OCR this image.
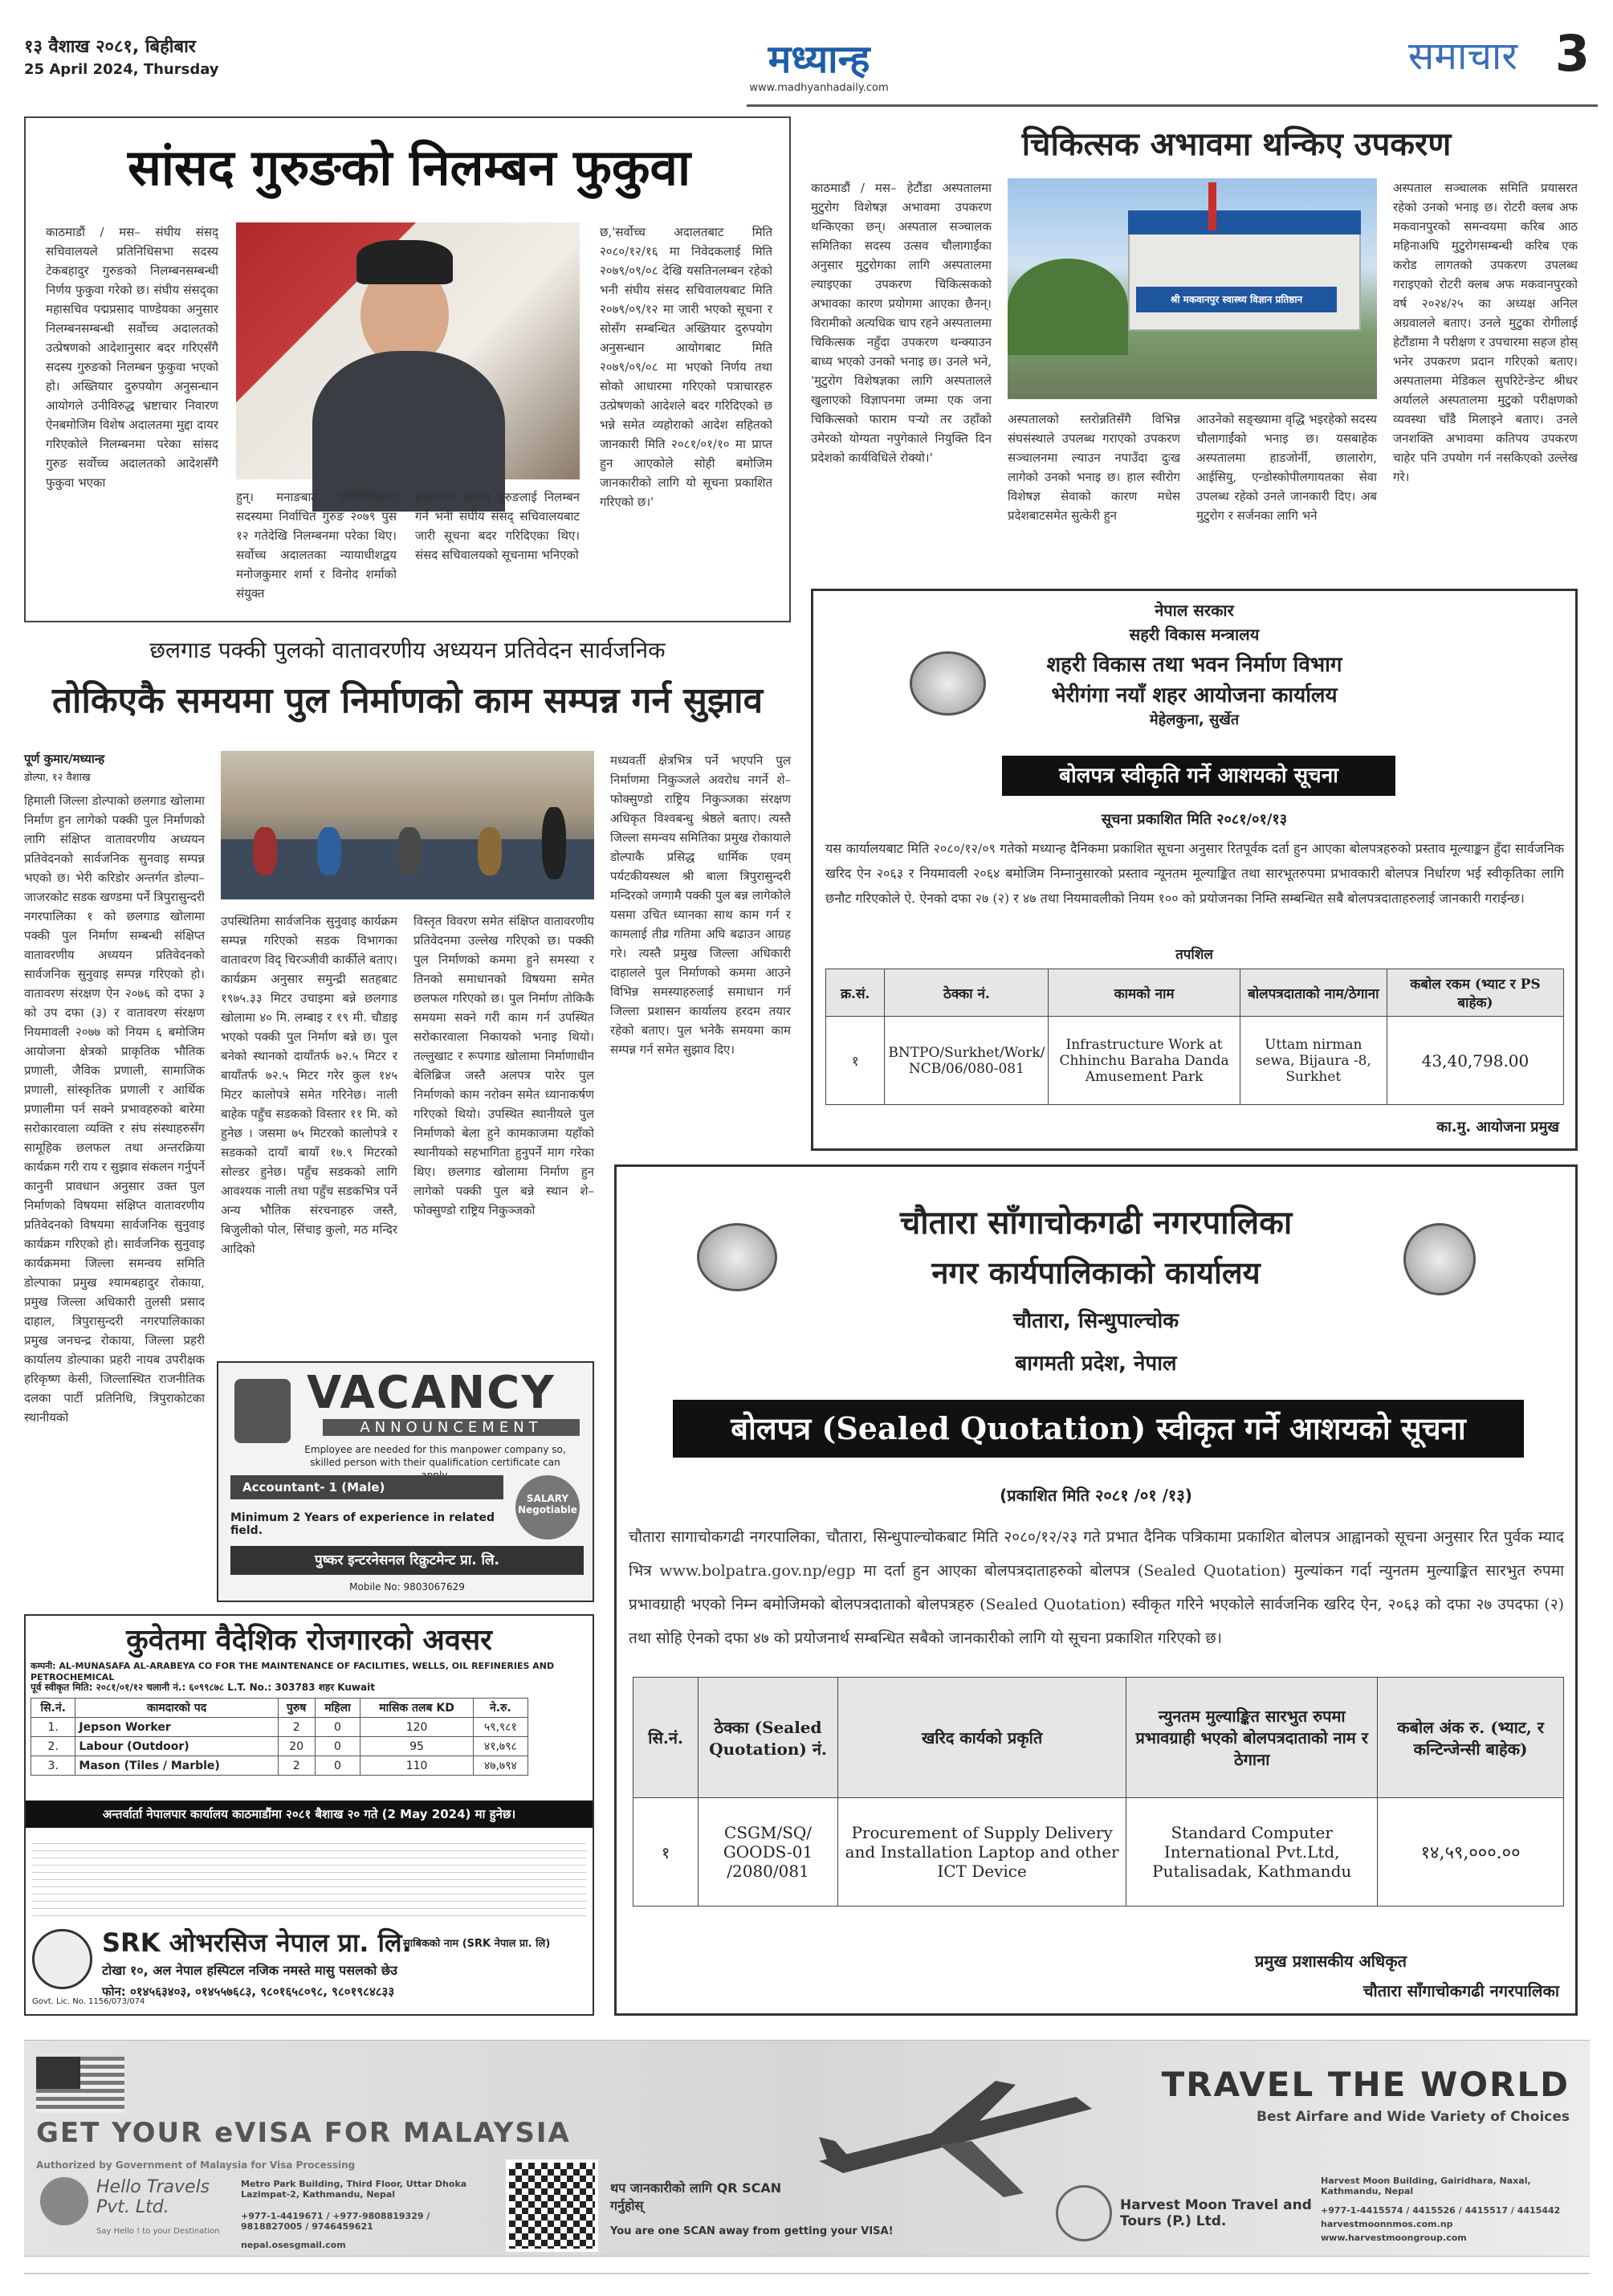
१३ वैशाख २०८१, बिहीबार
25 April 2024, Thursday	मध्यान्ह
www.madhyanhadaily.com
समाचार 3
सांसद गुरुङको निलम्बन फुकुवा
काठमाडौं / मस– संघीय संसद् सचिवालयले प्रतिनिधिसभा सदस्य टेकबहादुर गुरुङको निलम्बनसम्बन्धी निर्णय फुकुवा गरेको छ। संघीय संसद्का महासचिव पद्मप्रसाद पाण्डेयका अनुसार निलम्बनसम्बन्धी सर्वोच्च अदालतको उत्प्रेषणको आदेशानुसार बदर गरिएसँगै सदस्य गुरुङको निलम्बन फुकुवा भएको हो। अख्तियार दुरुपयोग अनुसन्धान आयोगले उनीविरुद्ध भ्रष्टाचार निवारण ऐनबमोजिम विशेष अदालतमा मुद्दा दायर गरिएकोले निलम्बनमा परेका सांसद गुरुङ सर्वोच्च अदालतको आदेशसँगै फुकुवा भएका
हुन्। मनाङबाट प्रतिनिधिसभा सदस्यमा निर्वाचित गुरुङ २०७९ पुस १२ गतेदेखि निलम्बनमा परेका थिए। सर्वोच्च अदालतका न्यायाधीशद्वय मनोजकुमार शर्मा र विनोद शर्माको संयुक्त
इजलासले सांसद गुरुङलाई निलम्बन गर्ने भनी संघीय संसद् सचिवालयबाट जारी सूचना बदर गरिदिएका थिए। संसद सचिवालयको सूचनामा भनिएको
छ,'सर्वोच्च अदालतबाट मिति २०८०/१२/१६ मा निवेदकलाई मिति २०७९/०९/०८ देखि यसतिनलम्बन रहेको भनी संघीय संसद सचिवालयबाट मिति २०७९/०९/१२ मा जारी भएको सूचना र सोसँग सम्बन्धित अख्तियार दुरुपयोग अनुसन्धान आयोगबाट मिति २०७९/०९/०८ मा भएको निर्णय तथा सोको आधारमा गरिएको पत्राचारहरु उत्प्रेषणको आदेशले बदर गरिदिएको छ भन्ने समेत व्यहोराको आदेश सहितको जानकारी मिति २०८१/०१/१० मा प्राप्त हुन आएकोले सोही बमोजिम जानकारीको लागि यो सूचना प्रकाशित गरिएको छ।'
चिकित्सक अभावमा थन्किए उपकरण
काठमाडौं / मस– हेटौंडा अस्पतालमा मुटुरोग विशेषज्ञ अभावमा उपकरण थन्किएका छन्। अस्पताल सञ्चालक समितिका सदस्य उत्सव चौलागाईंका अनुसार मुटुरोगका लागि अस्पतालमा ल्याइएका उपकरण चिकित्सकको अभावका कारण प्रयोगमा आएका छैनन्। विरामीको अत्यधिक चाप रहने अस्पतालमा चिकित्सक नहुँदा उपकरण थन्क्याउन बाध्य भएको उनको भनाइ छ। उनले भने, 'मुटुरोग विशेषज्ञका लागि अस्पतालले खुलाएको विज्ञापनमा जम्मा एक जना चिकित्सको फाराम पऱ्यो तर उहाँको उमेरको योग्यता नपुगेकाले नियुक्ति दिन प्रदेशको कार्यविधिले रोक्यो।'
श्री मकवानपुर स्वास्थ्य विज्ञान प्रतिष्ठान
अस्पतालको स्तरोन्नतिसँगै विभिन्न संघसंस्थाले उपलब्ध गराएको उपकरण सञ्चालनमा ल्याउन नपाउँदा दुःख लागेको उनको भनाइ छ। हाल स्वीरोग विशेषज्ञ सेवाको कारण मधेस प्रदेशबाटसमेत सुत्केरी हुन
आउनेको सङ्ख्यामा वृद्धि भइरहेको सदस्य चौलागाईंको भनाइ छ। यसबाहेक अस्पतालमा हाडजोर्नी, छालारोग, आईसियु, एन्डोस्कोपीलगायतका सेवा उपलब्ध रहेको उनले जानकारी दिए। अब मुटुरोग र सर्जनका लागि भने
अस्पताल सञ्चालक समिति प्रयासरत रहेको उनको भनाइ छ। रोटरी क्लब अफ मकवानपुरको समन्वयमा करिब आठ महिनाअघि मुटुरोगसम्बन्धी करिब एक करोड लागतको उपकरण उपलब्ध गराइएको रोटरी क्लब अफ मकवानपुरको वर्ष २०२४/२५ का अध्यक्ष अनिल अग्रवालले बताए। उनले मुटुका रोगीलाई हेटौंडामा नै परीक्षण र उपचारमा सहज होस् भनेर उपकरण प्रदान गरिएको बताए। अस्पतालमा मेडिकल सुपरिटेन्डेन्ट श्रीधर अर्यालले अस्पतालमा मुटुको परीक्षणको व्यवस्था चाँडै मिलाइने बताए। उनले जनशक्ति अभावमा कतिपय उपकरण चाहेर पनि उपयोग गर्न नसकिएको उल्लेख गरे।
छलगाड पक्की पुलको वातावरणीय अध्ययन प्रतिवेदन सार्वजनिक
तोकिएकै समयमा पुल निर्माणको काम सम्पन्न गर्न सुझाव
पूर्ण कुमार/मध्यान्ह
डोल्पा, १२ वैशाख
हिमाली जिल्ला डोल्पाको छलगाड खोलामा निर्माण हुन लागेको पक्की पुल निर्माणको लागि संक्षिप्त वातावरणीय अध्ययन प्रतिवेदनको सार्वजनिक सुनवाइ सम्पन्न भएको छ। भेरी करिडोर अन्तर्गत डोल्पा–जाजरकोट सडक खण्डमा पर्ने त्रिपुरासुन्दरी नगरपालिका १ को छलगाड खोलामा पक्की पुल निर्माण सम्बन्धी संक्षिप्त वातावरणीय अध्ययन प्रतिवेदनको सार्वजनिक सुनुवाइ सम्पन्न गरिएको हो। वातावरण संरक्षण ऐन २०७६ को दफा ३ को उप दफा (३) र वातावरण संरक्षण नियमावली २०७७ को नियम ६ बमोजिम आयोजना क्षेत्रको प्राकृतिक भौतिक प्रणाली, जैविक प्रणाली, सामाजिक प्रणाली, सांस्कृतिक प्रणाली र आर्थिक प्रणालीमा पर्न सक्ने प्रभावहरुको बारेमा सरोकारवाला व्यक्ति र संघ संस्थाहरुसँग सामूहिक छलफल तथा अन्तरक्रिया कार्यक्रम गरी राय र सुझाव संकलन गर्नुपर्ने कानुनी प्रावधान अनुसार उक्त पुल निर्माणको विषयमा संक्षिप्त वातावरणीय प्रतिवेदनको विषयमा सार्वजनिक सुनुवाइ कार्यक्रम गरिएको हो। सार्वजनिक सुनुवाइ कार्यक्रममा जिल्ला समन्वय समिति डोल्पाका प्रमुख श्यामबहादुर रोकाया, प्रमुख जिल्ला अधिकारी तुलसी प्रसाद दाहाल, त्रिपुरासुन्दरी नगरपालिकाका प्रमुख जनचन्द्र रोकाया, जिल्ला प्रहरी कार्यालय डोल्पाका प्रहरी नायब उपरीक्षक हरिकृष्ण केसी, जिल्लास्थित राजनीतिक दलका पार्टी प्रतिनिधि, त्रिपुराकोटका स्थानीयको
उपस्थितिमा सार्वजनिक सुनुवाइ कार्यक्रम सम्पन्न गरिएको सडक विभागका वातावरण विद् चिरञ्जीवी कार्कीले बताए। कार्यक्रम अनुसार समुन्द्री सतहबाट १९७५.३३ मिटर उचाइमा बन्ने छलगाड खोलामा ४० मि. लम्बाइ र १९ मी. चौडाइ भएको पक्की पुल निर्माण बन्ने छ। पुल बनेको स्थानको दायाँतर्फ ७२.५ मिटर र बायाँतर्फ ७२.५ मिटर गरेर कुल १४५ मिटर कालोपत्रे समेत गरिनेछ। नाली बाहेक पहुँच सडकको विस्तार ११ मि. को हुनेछ । जसमा ७५ मिटरको कालोपत्रे र सडकको दायाँ बायाँ १७.९ मिटरको सोल्डर हुनेछ। पहुँच सडकको लागि आवश्यक नाली तथा पहुँच सडकभित्र पर्ने अन्य भौतिक संरचनाहरु जस्तै, बिजुलीको पोल, सिंचाइ कुलो, मठ मन्दिर आदिको
विस्तृत विवरण समेत संक्षिप्त वातावरणीय प्रतिवेदनमा उल्लेख गरिएको छ। पक्की पुल निर्माणको कममा हुने समस्या र तिनको समाधानको विषयमा समेत छलफल गरिएको छ। पुल निर्माण तोकिकै समयमा सक्ने गरी काम गर्न उपस्थित सरोकारवाला निकायको भनाइ थियो। तल्लुखाट र रूपगाड खोलामा निर्माणाधीन बेलिब्रिज जस्तै अलपत्र पारेर पुल निर्माणको काम नरोक्न समेत ध्यानाकर्षण गरिएको थियो। उपस्थित स्थानीयले पुल निर्माणको बेला हुने कामकाजमा यहाँको स्थानीयको सहभागिता हुनुपर्ने माग गरेका थिए। छलगाड खोलामा निर्माण हुन लागेको पक्की पुल बन्ने स्थान शे–फोक्सुण्डो राष्ट्रिय निकुञ्जको
मध्यवर्ती क्षेत्रभित्र पर्ने भएपनि पुल निर्माणमा निकुञ्जले अवरोध नगर्ने शे–फोक्सुण्डो राष्ट्रिय निकुञ्जका संरक्षण अधिकृत विश्वबन्धु श्रेष्ठले बताए। त्यस्तै जिल्ला समन्वय समितिका प्रमुख रोकायाले डोल्पाकै प्रसिद्ध धार्मिक एवम् पर्यटकीयस्थल श्री बाला त्रिपुरासुन्दरी मन्दिरको जग्गामै पक्की पुल बन्न लागेकोले यसमा उचित ध्यानका साथ काम गर्न र कामलाई तीव्र गतिमा अघि बढाउन आग्रह गरे। त्यस्तै प्रमुख जिल्ला अधिकारी दाहालले पुल निर्माणको कममा आउने विभिन्न समस्याहरुलाई समाधान गर्न जिल्ला प्रशासन कार्यालय हरदम तयार रहेको बताए। पुल भनेकै समयमा काम सम्पन्न गर्न समेत सुझाव दिए।
नेपाल सरकार
सहरी विकास मन्त्रालय
शहरी विकास तथा भवन निर्माण विभाग
भेरीगंगा नयाँ शहर आयोजना कार्यालय
मेहेलकुना, सुर्खेत
बोलपत्र स्वीकृति गर्ने आशयको सूचना
सूचना प्रकाशित मिति २०८१/०१/१३
यस कार्यालयबाट मिति २०८०/१२/०९ गतेको मध्यान्ह दैनिकमा प्रकाशित सूचना अनुसार रितपूर्वक दर्ता हुन आएका बोलपत्रहरुको प्रस्ताव मूल्याङ्कन हुँदा सार्वजनिक खरिद ऐन २०६३ र नियमावली २०६४ बमोजिम निम्नानुसारको प्रस्ताव न्यूनतम मूल्याङ्कित तथा सारभूतरुपमा प्रभावकारी बोलपत्र निर्धारण भई स्वीकृतिका लागि छनौट गरिएकोले ऐ. ऐनको दफा २७ (२) र ४७ तथा नियमावलीको नियम १०० को प्रयोजनका निम्ति सम्बन्धित सबै बोलपत्रदाताहरुलाई जानकारी गराईन्छ।
तपशिल
क्र.सं.	ठेक्का नं.	कामको नाम	बोलपत्रदाताको नाम/ठेगाना	कबोल रकम (भ्याट र PS बाहेक)
१	BNTPO/Surkhet/Work/ NCB/06/080-081	Infrastructure Work at Chhinchu Baraha Danda Amusement Park	Uttam nirman sewa, Bijaura -8, Surkhet	43,40,798.00
का.मु. आयोजना प्रमुख
चौतारा साँगाचोकगढी नगरपालिका
नगर कार्यपालिकाको कार्यालय
चौतारा, सिन्धुपाल्चोक
बागमती प्रदेश, नेपाल
बोलपत्र (Sealed Quotation) स्वीकृत गर्ने आशयको सूचना
(प्रकाशित मिति २०८१ /०१ /१३)
चौतारा सागाचोकगढी नगरपालिका, चौतारा, सिन्धुपाल्चोकबाट मिति २०८०/१२/२३ गते प्रभात दैनिक पत्रिकामा प्रकाशित बोलपत्र आह्वानको सूचना अनुसार रित पुर्वक म्याद भित्र www.bolpatra.gov.np/egp मा दर्ता हुन आएका बोलपत्रदाताहरुको बोलपत्र (Sealed Quotation) मुल्यांकन गर्दा न्युनतम मुल्याङ्कित सारभुत रुपमा प्रभावग्राही भएको निम्न बमोजिमको बोलपत्रदाताको बोलपत्रहरु (Sealed Quotation) स्वीकृत गरिने भएकोले सार्वजनिक खरिद ऐन, २०६३ को दफा २७ उपदफा (२) तथा सोहि ऐनको दफा ४७ को प्रयोजनार्थ सम्बन्धित सबैको जानकारीको लागि यो सूचना प्रकाशित गरिएको छ।
सि.नं.	ठेक्का (Sealed Quotation) नं.	खरिद कार्यको प्रकृति	न्युनतम मुल्याङ्कित सारभुत रुपमा प्रभावग्राही भएको बोलपत्रदाताको नाम र ठेगाना	कबोल अंक रु. (भ्याट, र कन्टिन्जेन्सी बाहेक)
१	CSGM/SQ/ GOODS-01 /2080/081	Procurement of Supply Delivery and Installation Laptop and other ICT Device	Standard Computer International Pvt.Ltd, Putalisadak, Kathmandu	१४,५९,०००.००
प्रमुख प्रशासकीय अधिकृत
चौतारा साँगाचोकगढी नगरपालिका
VACANCY
ANNOUNCEMENT
Employee are needed for this manpower company so, skilled person with their qualification certificate can
Accountant- 1 (Male)
Minimum 2 Years of experience in related field.
SALARY Negotiable
पुष्कर इन्टरनेसनल रिक्रुटमेन्ट प्रा. लि.
Mobile No: 9803067629
कुवेतमा वैदेशिक रोजगारको अवसर
कम्पनी: AL-MUNASAFA AL-ARABEYA CO FOR THE MAINTENANCE OF FACILITIES, WELLS, OIL REFINERIES AND PETROCHEMICAL
पूर्व स्वीकृत मिति: २०८१/०१/१२ चलानी नं.: ६०९९८७८ L.T. No.: 303783 शहर Kuwait
सि.नं.	कामदारको पद	पुरुष	महिला	मासिक तलब KD	ने.रु.
1.	Jepson Worker	2	0	120	५९,९८१
2.	Labour (Outdoor)	20	0	95	४१,७९८
3.	Mason (Tiles / Marble)	2	0	110	४७,७९४
अन्तर्वार्ता नेपालपार कार्यालय काठमाडौंमा २०८१ बैशाख २० गते (2 May 2024) मा हुनेछ।
SRK ओभरसिज नेपाल प्रा. लि.
साबिकको नाम (SRK नेपाल प्रा. लि)
टोखा १०, अल नेपाल हस्पिटल नजिक नमस्ते मासु पसलको छेउ
फोन: ०१४५६३४०३, ०१४५५७६८३, ९८०१६५८०९८, ९८०१९८४८३३
Govt. Lic. No. 1156/073/074
GET YOUR eVISA FOR MALAYSIA
Authorized by Government of Malaysia for Visa Processing
Hello Travels Pvt. Ltd.
Say Hello ! to your Destination
Metro Park Building, Third Floor, Uttar Dhoka Lazimpat-2, Kathmandu, Nepal
+977-1-4419671 / +977-9808819329 / 9818827005 / 9746459621
nepal.osesgmail.com
थप जानकारीको लागि QR SCAN गर्नुहोस्
You are one SCAN away from getting your VISA!
TRAVEL THE WORLD
Best Airfare and Wide Variety of Choices
Harvest Moon Travel and Tours (P.) Ltd.
Harvest Moon Building, Gairidhara, Naxal, Kathmandu, Nepal
+977-1-4415574 / 4415526 / 4415517 / 4415442
harvestmoonnmos.com.np
www.harvestmoongroup.com
